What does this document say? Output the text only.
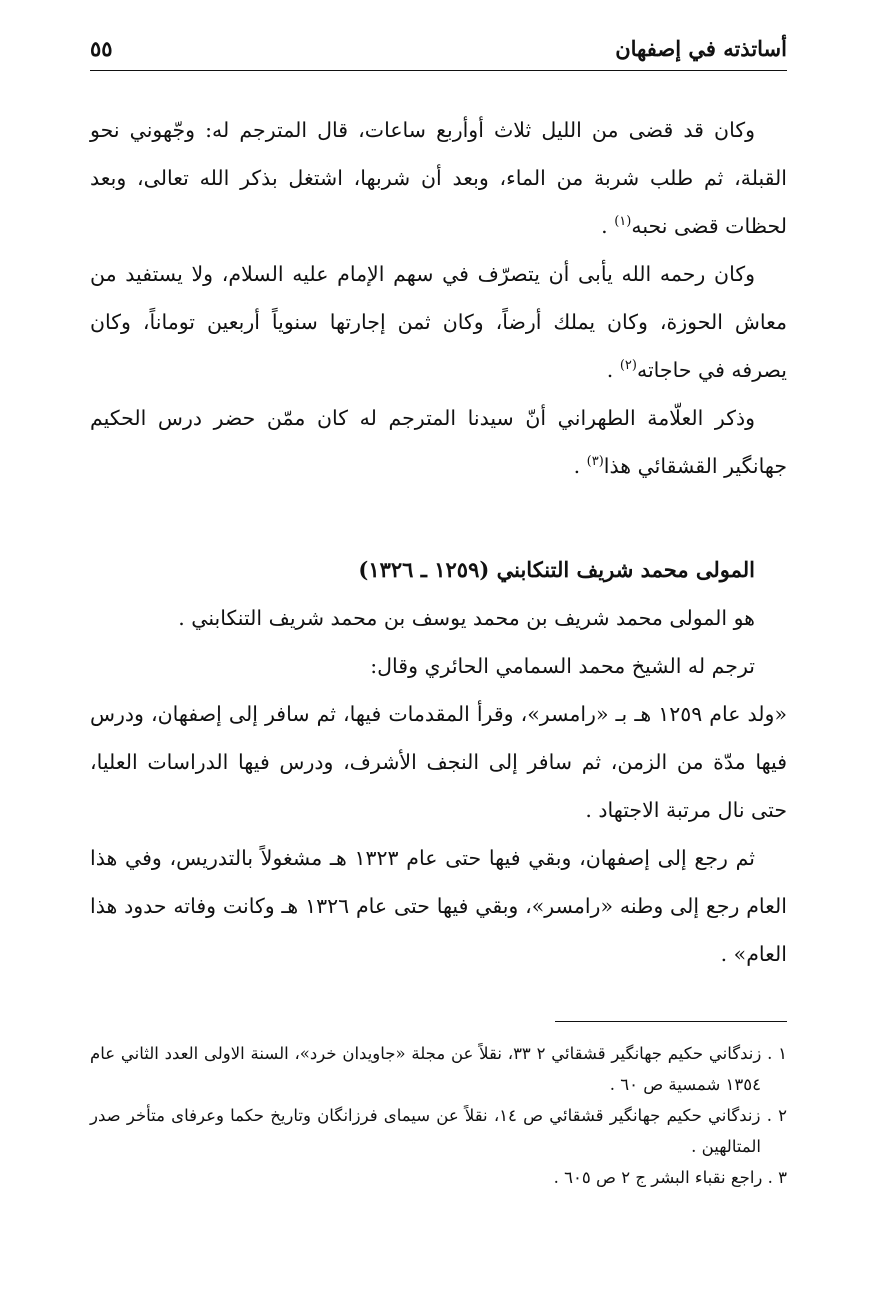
أساتذته في إصفهان
٥٥

وكان قد قضى من الليل ثلاث أوأربع ساعات، قال المترجم له: وجّهوني نحو القبلة، ثم طلب شربة من الماء، وبعد أن شربها، اشتغل بذكر الله تعالى، وبعد لحظات قضى نحبه$^{(١)}$ .

وكان رحمه الله يأبى أن يتصرّف في سهم الإمام عليه السلام، ولا يستفيد من معاش الحوزة، وكان يملك أرضاً، وكان ثمن إجارتها سنوياً أربعين توماناً، وكان يصرفه في حاجاته$^{(٢)}$ .

وذكر العلّامة الطهراني أنّ سيدنا المترجم له كان ممّن حضر درس الحكيم جهانگير القشقائي هذا$^{(٣)}$ .

المولى محمد شريف التنكابني (١٢٥٩ ـ ١٣٢٦)

هو المولى محمد شريف بن محمد يوسف بن محمد شريف التنكابني .

ترجم له الشيخ محمد السمامي الحائري وقال:

«ولد عام ١٢٥٩ هـ بـ «رامسر»، وقرأ المقدمات فيها، ثم سافر إلى إصفهان، ودرس فيها مدّة من الزمن، ثم سافر إلى النجف الأشرف، ودرس فيها الدراسات العليا، حتى نال مرتبة الاجتهاد .

ثم رجع إلى إصفهان، وبقي فيها حتى عام ١٣٢٣ هـ مشغولاً بالتدريس، وفي هذا العام رجع إلى وطنه «رامسر»، وبقي فيها حتى عام ١٣٢٦ هـ وكانت وفاته حدود هذا العام» .

١ . زندگاني حكيم جهانگير قشقائي ٢ ٣٣، نقلاً عن مجلة «جاويدان خرد»، السنة الاولى العدد الثاني عام ١٣٥٤ شمسية ص ٦٠ .

٢ . زندگاني حكيم جهانگير قشقائي ص ١٤، نقلاً عن سيماى فرزانگان وتاريخ حكما وعرفاى متأخر صدر المتالهين .

٣ . راجع نقباء البشر ج ٢ ص ٦٠٥ .
